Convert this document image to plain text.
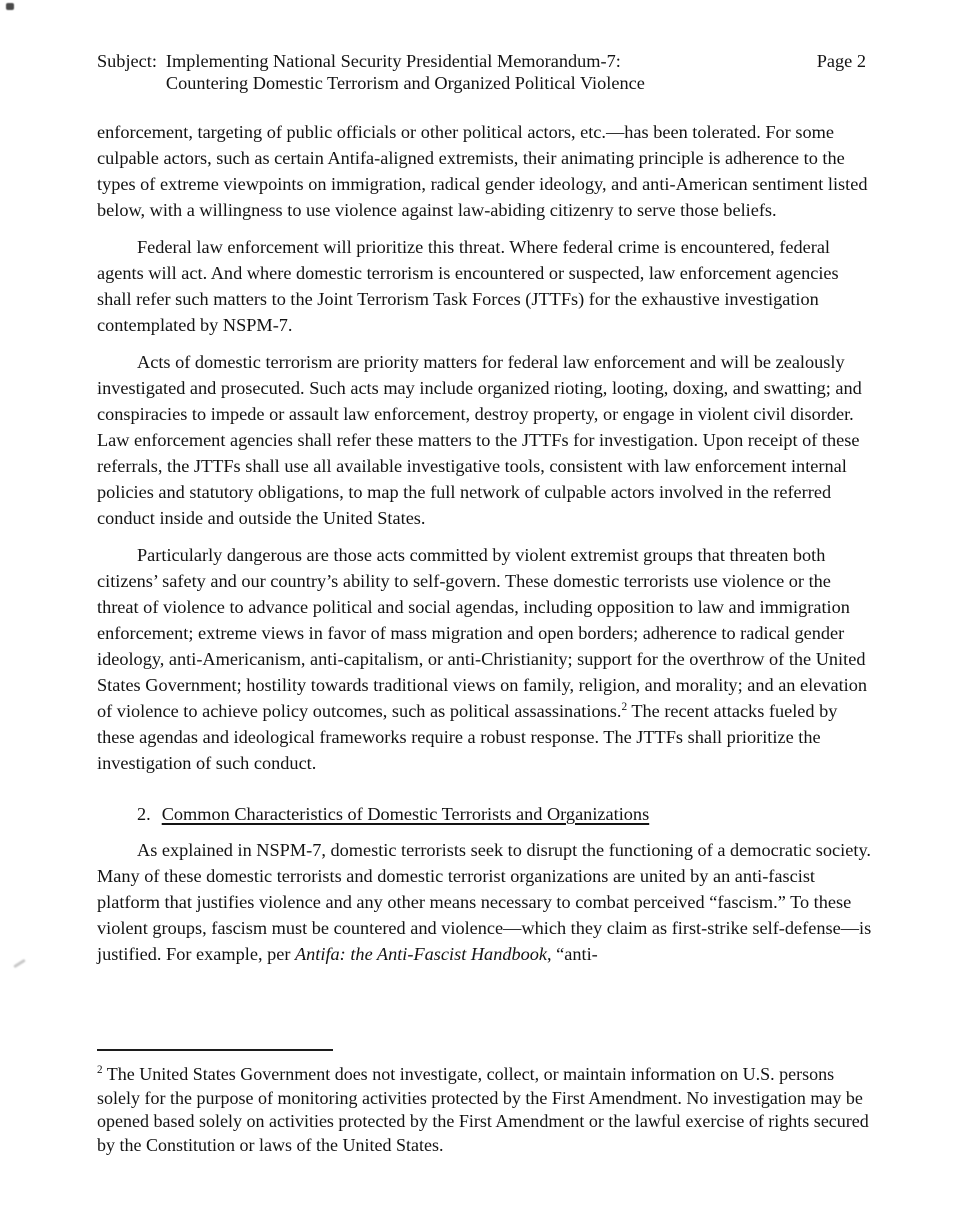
Subject: Implementing National Security Presidential Memorandum-7:
Countering Domestic Terrorism and Organized Political Violence
Page 2

enforcement, targeting of public officials or other political actors, etc.—has been tolerated. For some culpable actors, such as certain Antifa-aligned extremists, their animating principle is adherence to the types of extreme viewpoints on immigration, radical gender ideology, and anti-American sentiment listed below, with a willingness to use violence against law-abiding citizenry to serve those beliefs.

Federal law enforcement will prioritize this threat. Where federal crime is encountered, federal agents will act. And where domestic terrorism is encountered or suspected, law enforcement agencies shall refer such matters to the Joint Terrorism Task Forces (JTTFs) for the exhaustive investigation contemplated by NSPM-7.

Acts of domestic terrorism are priority matters for federal law enforcement and will be zealously investigated and prosecuted. Such acts may include organized rioting, looting, doxing, and swatting; and conspiracies to impede or assault law enforcement, destroy property, or engage in violent civil disorder. Law enforcement agencies shall refer these matters to the JTTFs for investigation. Upon receipt of these referrals, the JTTFs shall use all available investigative tools, consistent with law enforcement internal policies and statutory obligations, to map the full network of culpable actors involved in the referred conduct inside and outside the United States.

Particularly dangerous are those acts committed by violent extremist groups that threaten both citizens’ safety and our country’s ability to self-govern. These domestic terrorists use violence or the threat of violence to advance political and social agendas, including opposition to law and immigration enforcement; extreme views in favor of mass migration and open borders; adherence to radical gender ideology, anti-Americanism, anti-capitalism, or anti-Christianity; support for the overthrow of the United States Government; hostility towards traditional views on family, religion, and morality; and an elevation of violence to achieve policy outcomes, such as political assassinations.$^2$ The recent attacks fueled by these agendas and ideological frameworks require a robust response. The JTTFs shall prioritize the investigation of such conduct.

2. Common Characteristics of Domestic Terrorists and Organizations

As explained in NSPM-7, domestic terrorists seek to disrupt the functioning of a democratic society. Many of these domestic terrorists and domestic terrorist organizations are united by an anti-fascist platform that justifies violence and any other means necessary to combat perceived “fascism.” To these violent groups, fascism must be countered and violence—which they claim as first-strike self-defense—is justified. For example, per Antifa: the Anti-Fascist Handbook, “anti-

$^2$ The United States Government does not investigate, collect, or maintain information on U.S. persons solely for the purpose of monitoring activities protected by the First Amendment. No investigation may be opened based solely on activities protected by the First Amendment or the lawful exercise of rights secured by the Constitution or laws of the United States.
